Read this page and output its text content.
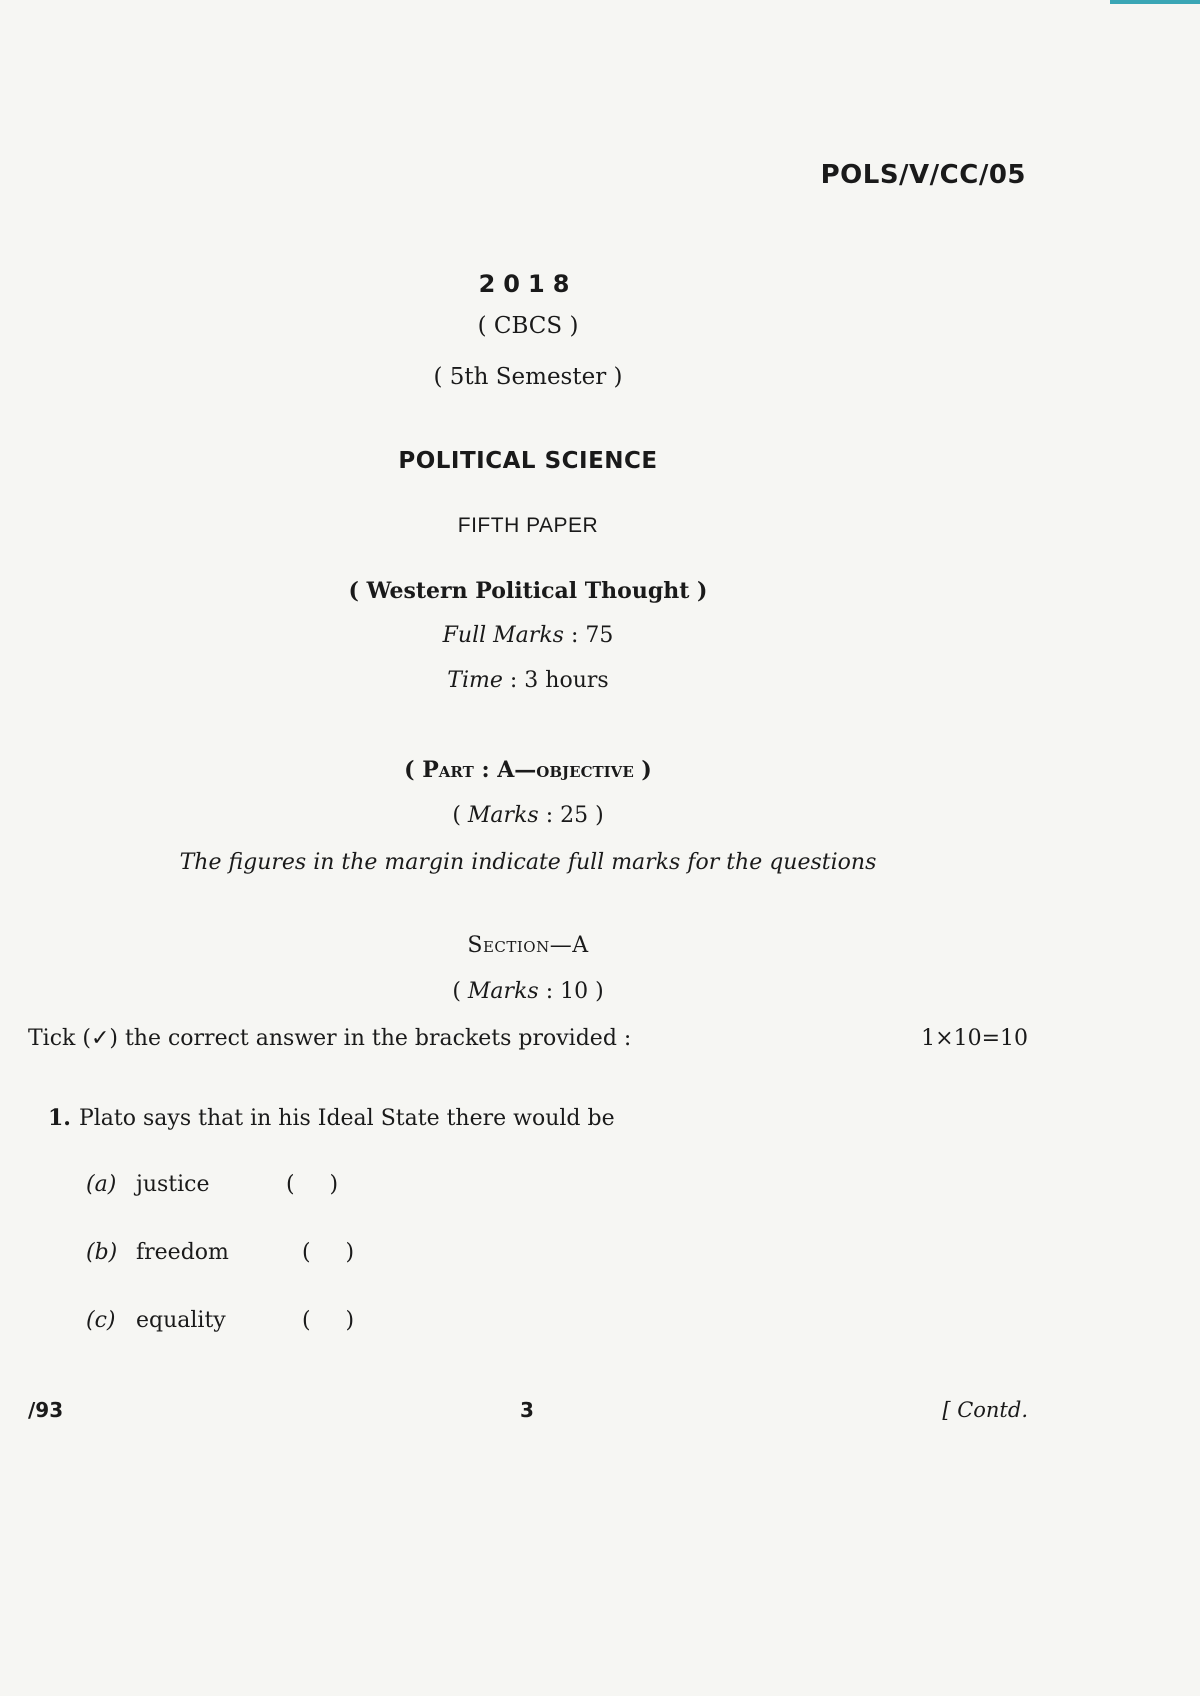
POLS/V/CC/05
2018
( CBCS )
( 5th Semester )
POLITICAL SCIENCE
FIFTH PAPER
( Western Political Thought )
Full Marks : 75
Time : 3 hours
( Part : A—objective )
( Marks : 25 )
The figures in the margin indicate full marks for the questions
Section—A
( Marks : 10 )
Tick (✓) the correct answer in the brackets provided :	1×10=10
1. Plato says that in his Ideal State there would be
(a) justice	(     )
(b) freedom	(     )
(c) equality	(     )
/93	3	[ Contd.
